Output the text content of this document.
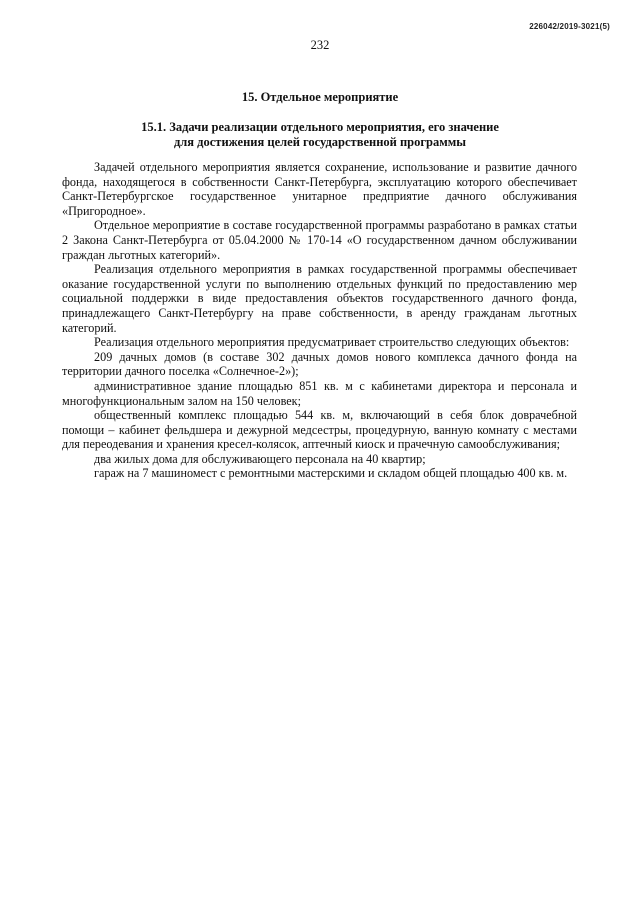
226042/2019-3021(5)
232
15. Отдельное мероприятие
15.1. Задачи реализации отдельного мероприятия, его значение
для достижения целей государственной программы

Задачей отдельного мероприятия является сохранение, использование и развитие дачного фонда, находящегося в собственности Санкт-Петербурга, эксплуатацию которого обеспечивает Санкт-Петербургское государственное унитарное предприятие дачного обслуживания «Пригородное».

Отдельное мероприятие в составе государственной программы разработано в рамках статьи 2 Закона Санкт-Петербурга от 05.04.2000 № 170-14 «О государственном дачном обслуживании граждан льготных категорий».

Реализация отдельного мероприятия в рамках государственной программы обеспечивает оказание государственной услуги по выполнению отдельных функций по предоставлению мер социальной поддержки в виде предоставления объектов государственного дачного фонда, принадлежащего Санкт-Петербургу на праве собственности, в аренду гражданам льготных категорий.

Реализация отдельного мероприятия предусматривает строительство следующих объектов:

209 дачных домов (в составе 302 дачных домов нового комплекса дачного фонда на территории дачного поселка «Солнечное-2»);

административное здание площадью 851 кв. м с кабинетами директора и персонала и многофункциональным залом на 150 человек;

общественный комплекс площадью 544 кв. м, включающий в себя блок доврачебной помощи – кабинет фельдшера и дежурной медсестры, процедурную, ванную комнату с местами для переодевания и хранения кресел-колясок, аптечный киоск и прачечную самообслуживания;

два жилых дома для обслуживающего персонала на 40 квартир;

гараж на 7 машиномест с ремонтными мастерскими и складом общей площадью 400 кв. м.
